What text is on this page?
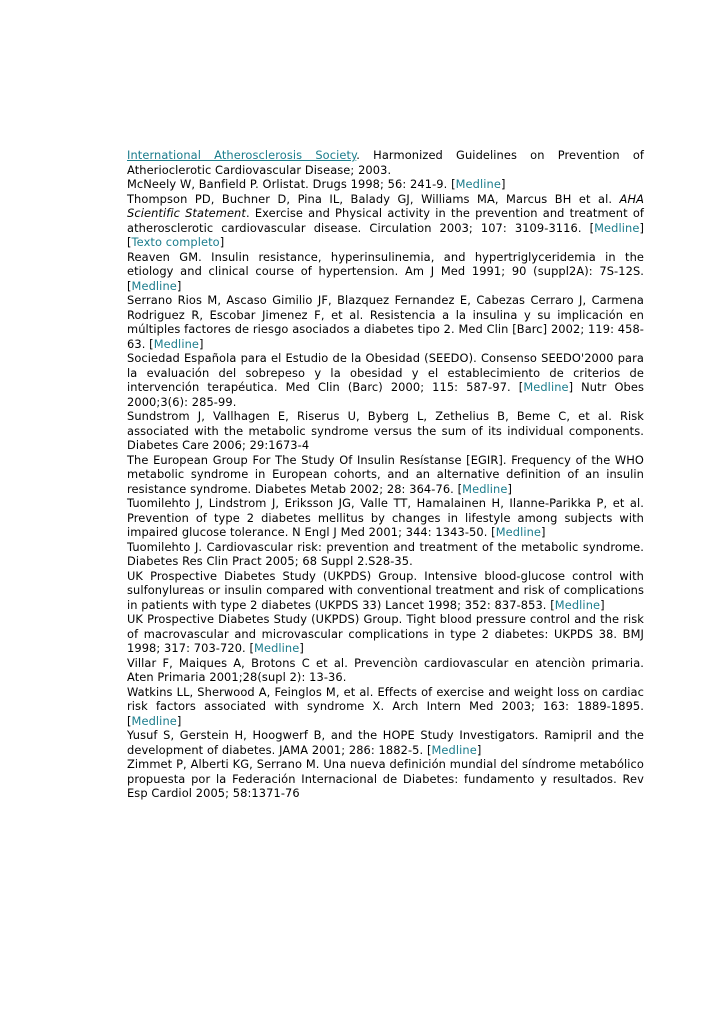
International Atherosclerosis Society. Harmonized Guidelines on Prevention of Atherioclerotic Cardiovascular Disease; 2003.

McNeely W, Banfield P. Orlistat. Drugs 1998; 56: 241-9. [Medline]

Thompson PD, Buchner D, Pina IL, Balady GJ, Williams MA, Marcus BH et al. AHA Scientific Statement. Exercise and Physical activity in the prevention and treatment of atherosclerotic cardiovascular disease. Circulation 2003; 107: 3109-3116. [Medline] [Texto completo]

Reaven GM. Insulin resistance, hyperinsulinemia, and hypertriglyceridemia in the etiology and clinical course of hypertension. Am J Med 1991; 90 (suppl2A): 7S-12S. [Medline]

Serrano Rios M, Ascaso Gimilio JF, Blazquez Fernandez E, Cabezas Cerraro J, Carmena Rodriguez R, Escobar Jimenez F, et al. Resistencia a la insulina y su implicación en múltiples factores de riesgo asociados a diabetes tipo 2. Med Clin [Barc] 2002; 119: 458-63. [Medline]

Sociedad Española para el Estudio de la Obesidad (SEEDO). Consenso SEEDO'2000 para la evaluación del sobrepeso y la obesidad y el establecimiento de criterios de intervención terapéutica. Med Clin (Barc) 2000; 115: 587-97. [Medline] Nutr Obes 2000;3(6): 285-99.

Sundstrom J, Vallhagen E, Riserus U, Byberg L, Zethelius B, Beme C, et al. Risk associated with the metabolic syndrome versus the sum of its individual components. Diabetes Care 2006; 29:1673-4

The European Group For The Study Of Insulin Resístanse [EGIR]. Frequency of the WHO metabolic syndrome in European cohorts, and an alternative definition of an insulin resistance syndrome. Diabetes Metab 2002; 28: 364-76. [Medline]

Tuomilehto J, Lindstrom J, Eriksson JG, Valle TT, Hamalainen H, Ilanne-Parikka P, et al. Prevention of type 2 diabetes mellitus by changes in lifestyle among subjects with impaired glucose tolerance. N Engl J Med 2001; 344: 1343-50. [Medline]

Tuomilehto J. Cardiovascular risk: prevention and treatment of the metabolic syndrome. Diabetes Res Clin Pract 2005; 68 Suppl 2.S28-35.

UK Prospective Diabetes Study (UKPDS) Group. Intensive blood-glucose control with sulfonylureas or insulin compared with conventional treatment and risk of complications in patients with type 2 diabetes (UKPDS 33) Lancet 1998; 352: 837-853. [Medline]

UK Prospective Diabetes Study (UKPDS) Group. Tight blood pressure control and the risk of macrovascular and microvascular complications in type 2 diabetes: UKPDS 38. BMJ 1998; 317: 703-720. [Medline]

Villar F, Maiques A, Brotons C et al. Prevenciòn cardiovascular en atenciòn primaria. Aten Primaria 2001;28(supl 2): 13-36.

Watkins LL, Sherwood A, Feinglos M, et al. Effects of exercise and weight loss on cardiac risk factors associated with syndrome X. Arch Intern Med 2003; 163: 1889-1895. [Medline]

Yusuf S, Gerstein H, Hoogwerf B, and the HOPE Study Investigators. Ramipril and the development of diabetes. JAMA 2001; 286: 1882-5. [Medline]

Zimmet P, Alberti KG, Serrano M. Una nueva definición mundial del síndrome metabólico propuesta por la Federación Internacional de Diabetes: fundamento y resultados. Rev Esp Cardiol 2005; 58:1371-76
